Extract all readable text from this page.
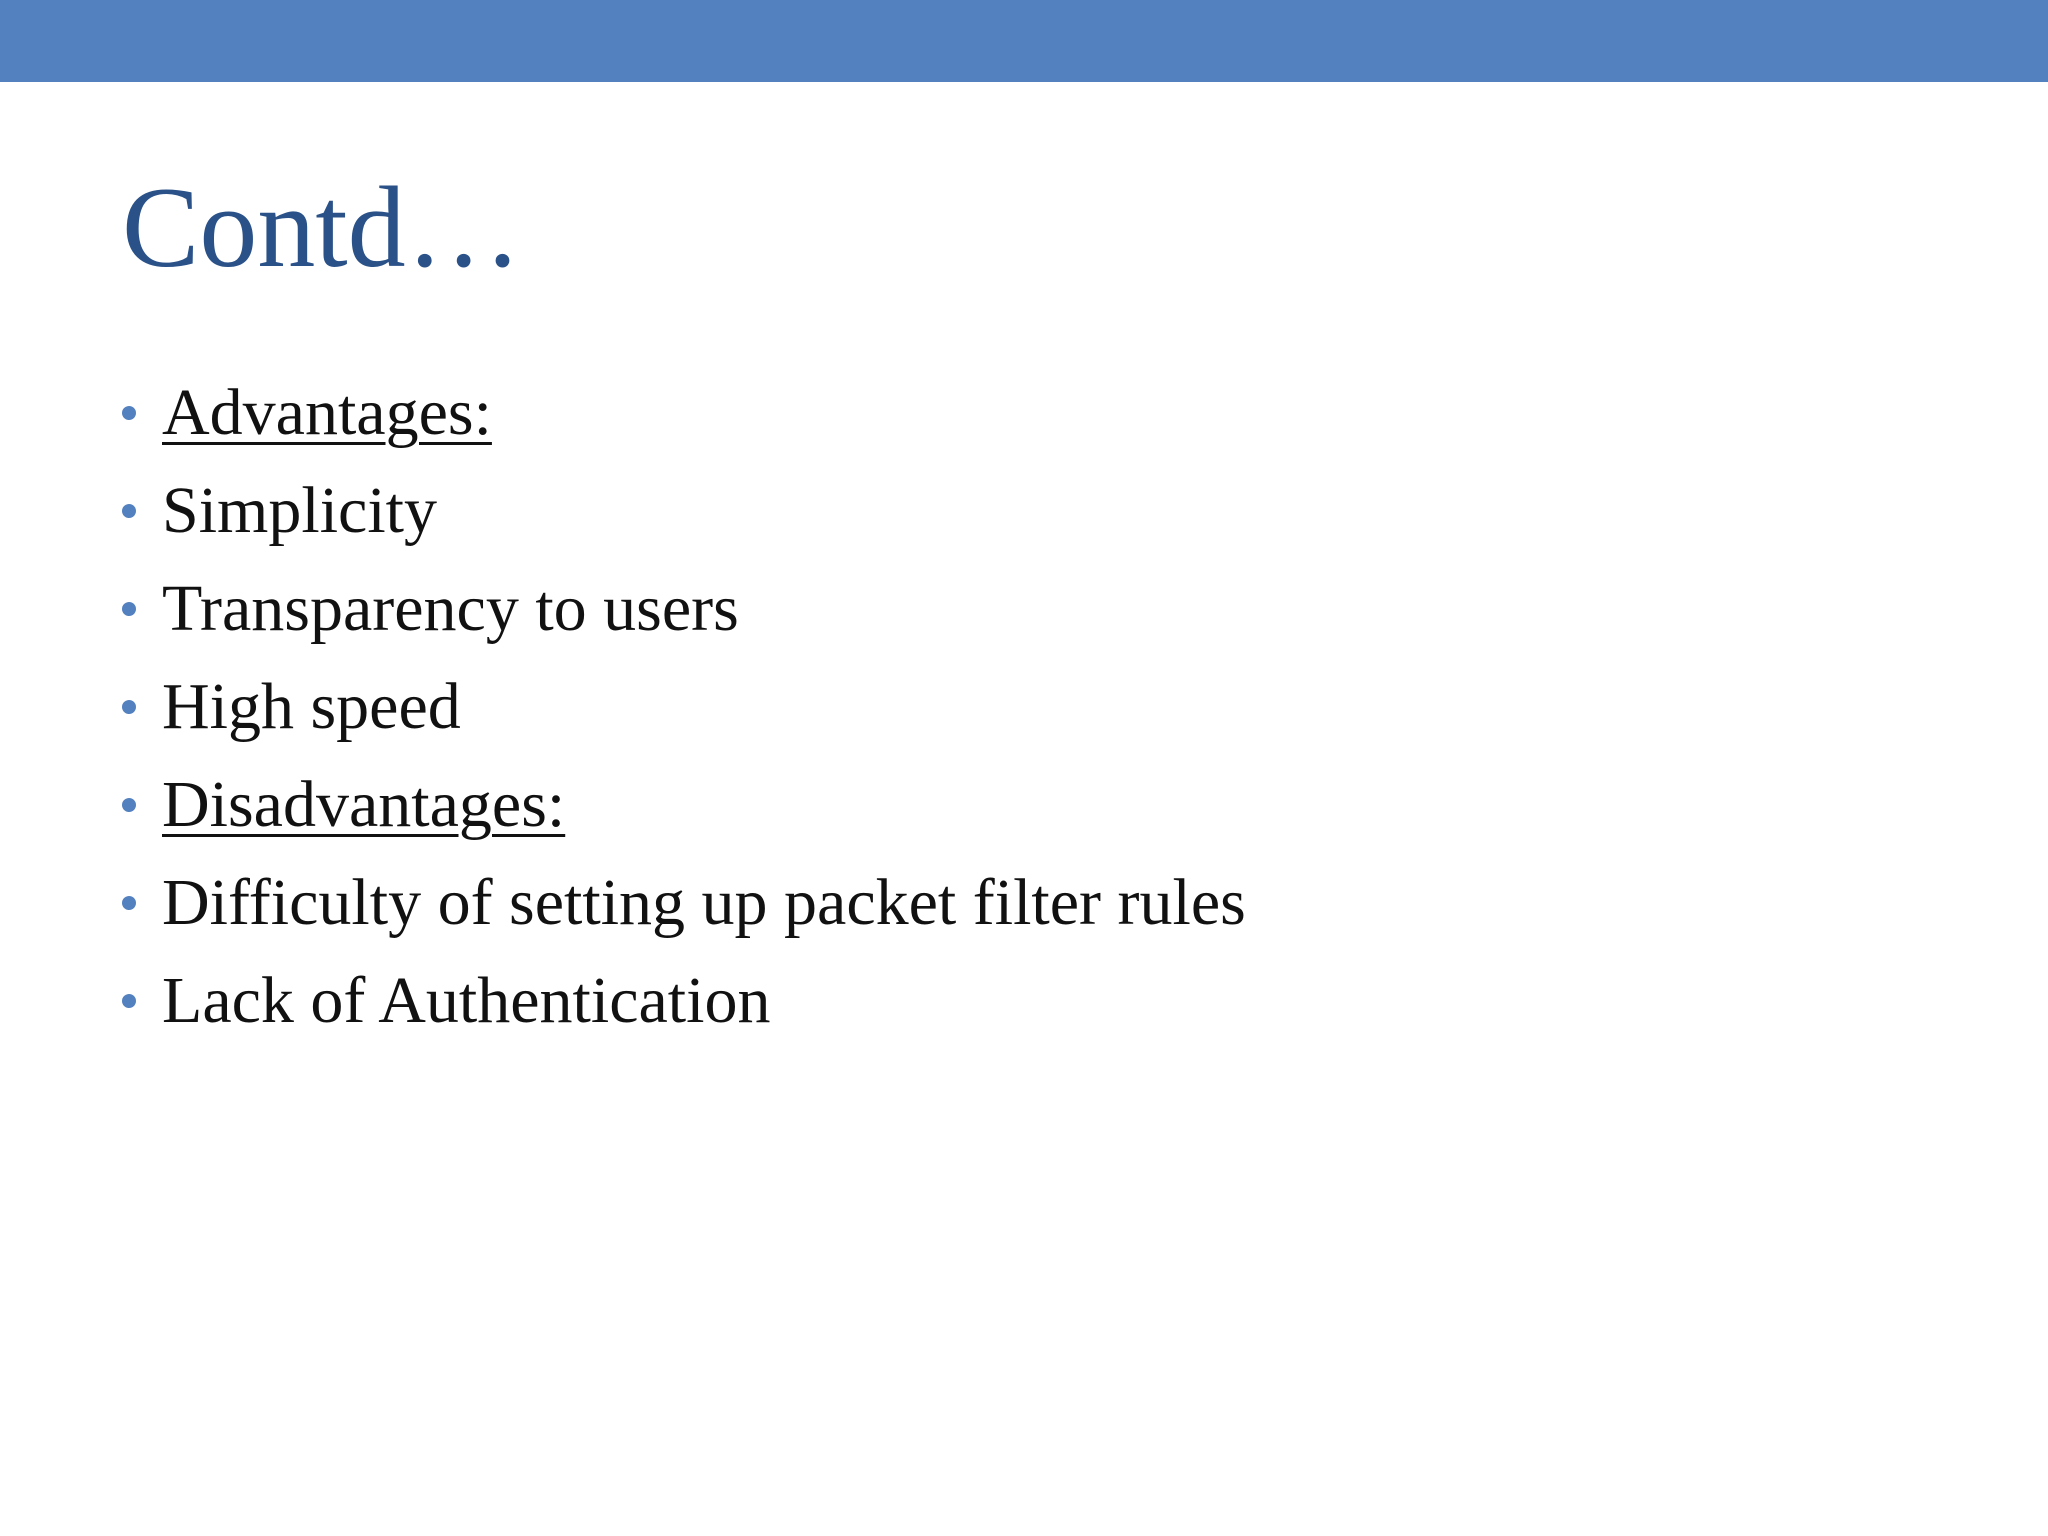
Contd…
Advantages:
Simplicity
Transparency to users
High speed
Disadvantages:
Difficulty of setting up packet filter rules
Lack of Authentication
